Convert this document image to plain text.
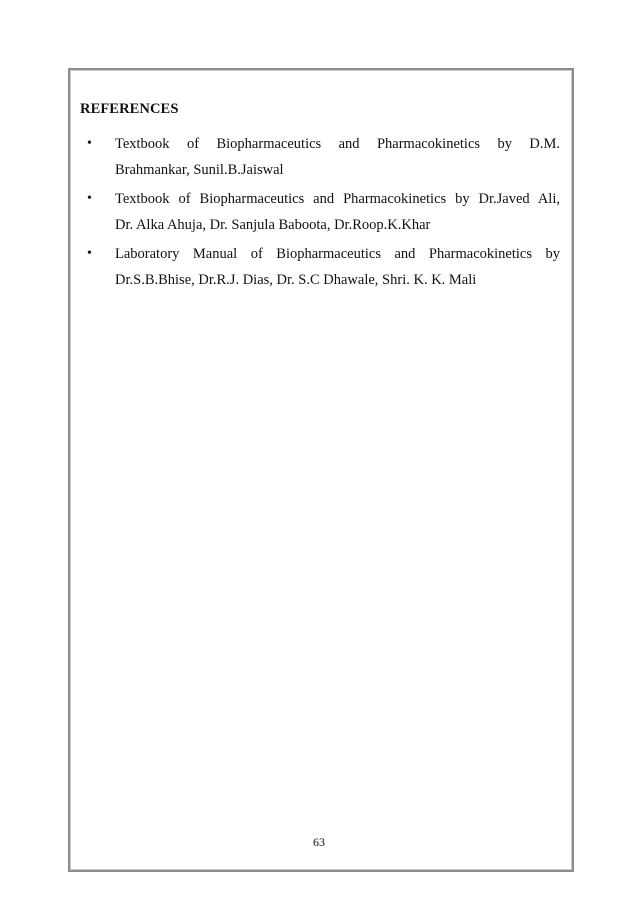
REFERENCES
• Textbook of Biopharmaceutics and Pharmacokinetics by D.M.
Brahmankar, Sunil.B.Jaiswal
• Textbook of Biopharmaceutics and Pharmacokinetics by Dr.Javed Ali,
Dr. Alka Ahuja, Dr. Sanjula Baboota, Dr.Roop.K.Khar
• Laboratory Manual of Biopharmaceutics and Pharmacokinetics by
Dr.S.B.Bhise, Dr.R.J. Dias, Dr. S.C Dhawale, Shri. K. K. Mali
63
